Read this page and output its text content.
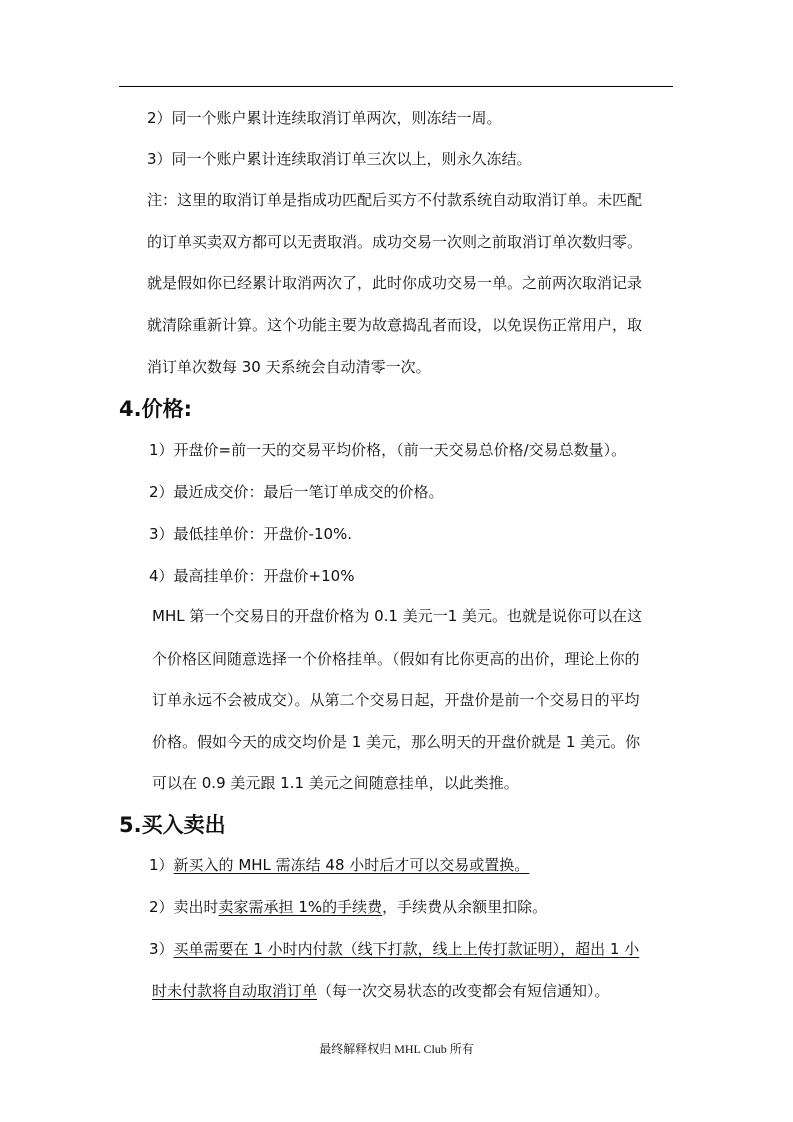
2）同一个账户累计连续取消订单两次，则冻结一周。
3）同一个账户累计连续取消订单三次以上，则永久冻结。
注：这里的取消订单是指成功匹配后买方不付款系统自动取消订单。未匹配
的订单买卖双方都可以无责取消。成功交易一次则之前取消订单次数归零。
就是假如你已经累计取消两次了，此时你成功交易一单。之前两次取消记录
就清除重新计算。这个功能主要为故意捣乱者而设，以免误伤正常用户，取
消订单次数每 30 天系统会自动清零一次。
4.价格:
1）开盘价=前一天的交易平均价格，（前一天交易总价格/交易总数量）。
2）最近成交价：最后一笔订单成交的价格。
3）最低挂单价：开盘价-10%.
4）最高挂单价：开盘价+10%
MHL 第一个交易日的开盘价格为 0.1 美元一1 美元。也就是说你可以在这
个价格区间随意选择一个价格挂单。（假如有比你更高的出价，理论上你的
订单永远不会被成交）。从第二个交易日起，开盘价是前一个交易日的平均
价格。假如今天的成交均价是 1 美元，那么明天的开盘价就是 1 美元。你
可以在 0.9 美元跟 1.1 美元之间随意挂单，以此类推。
5.买入卖出
1）新买入的 MHL 需冻结 48 小时后才可以交易或置换。
2）卖出时卖家需承担 1%的手续费，手续费从余额里扣除。
3）买单需要在 1 小时内付款（线下打款，线上上传打款证明），超出 1 小
时未付款将自动取消订单（每一次交易状态的改变都会有短信通知）。
最终解释权归 MHL Club 所有
